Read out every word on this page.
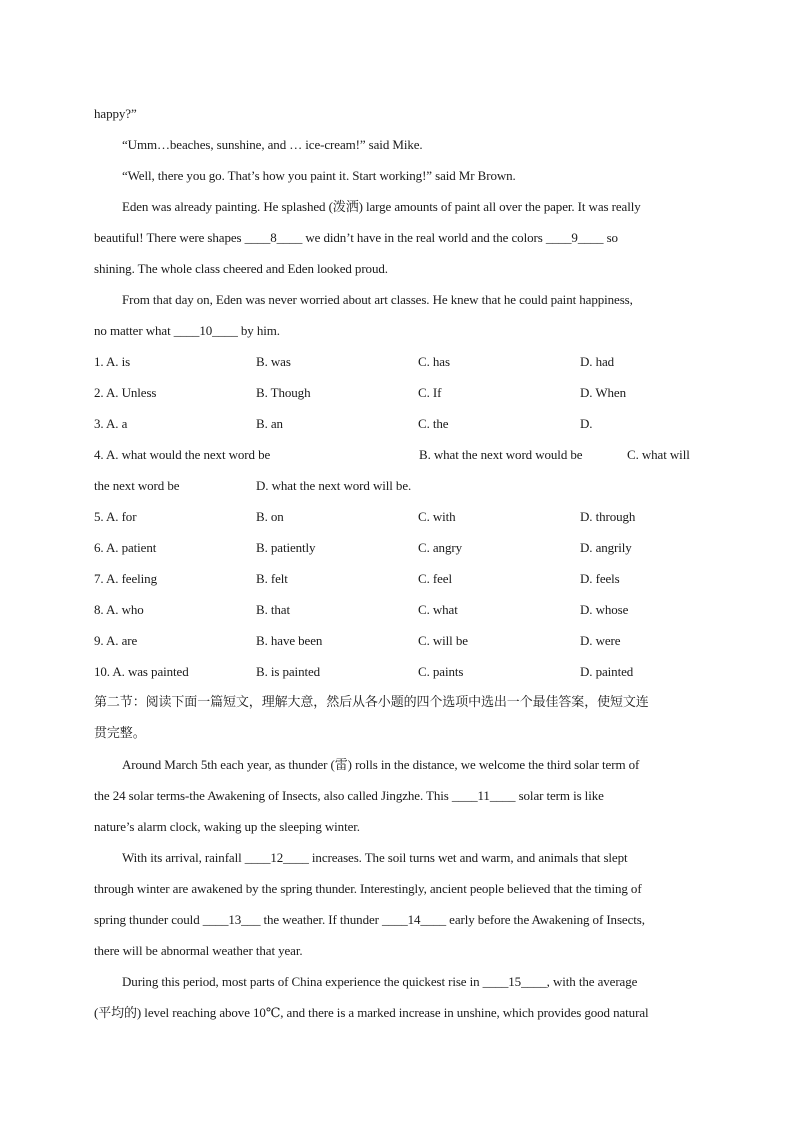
happy?”
“Umm…beaches, sunshine, and … ice-cream!” said Mike.
“Well, there you go. That’s how you paint it. Start working!” said Mr Brown.
Eden was already painting. He splashed (泼洒) large amounts of paint all over the paper. It was really
beautiful! There were shapes ____8____ we didn’t have in the real world and the colors ____9____ so
shining. The whole class cheered and Eden looked proud.
From that day on, Eden was never worried about art classes. He knew that he could paint happiness,
no matter what ____10____ by him.
1. A. is	B. was	C. has	D. had
2. A. Unless	B. Though	C. If	D. When
3. A. a	B. an	C. the	D.
4. A. what would the next word be	B. what the next word would be	C. what will
the next word be	D. what the next word will be.
5. A. for	B. on	C. with	D. through
6. A. patient	B. patiently	C. angry	D. angrily
7. A. feeling	B. felt	C. feel	D. feels
8. A. who	B. that	C. what	D. whose
9. A. are	B. have been	C. will be	D. were
10. A. was painted	B. is painted	C. paints	D. painted
第二节：阅读下面一篇短文，理解大意，然后从各小题的四个选项中选出一个最佳答案，使短文连
贯完整。
Around March 5th each year, as thunder (雷) rolls in the distance, we welcome the third solar term of
the 24 solar terms-the Awakening of Insects, also called Jingzhe. This ____11____ solar term is like
nature’s alarm clock, waking up the sleeping winter.
With its arrival, rainfall ____12____ increases. The soil turns wet and warm, and animals that slept
through winter are awakened by the spring thunder. Interestingly, ancient people believed that the timing of
spring thunder could ____13___ the weather. If thunder ____14____ early before the Awakening of Insects,
there will be abnormal weather that year.
During this period, most parts of China experience the quickest rise in ____15____, with the average
(平均的) level reaching above 10℃, and there is a marked increase in unshine, which provides good natural
